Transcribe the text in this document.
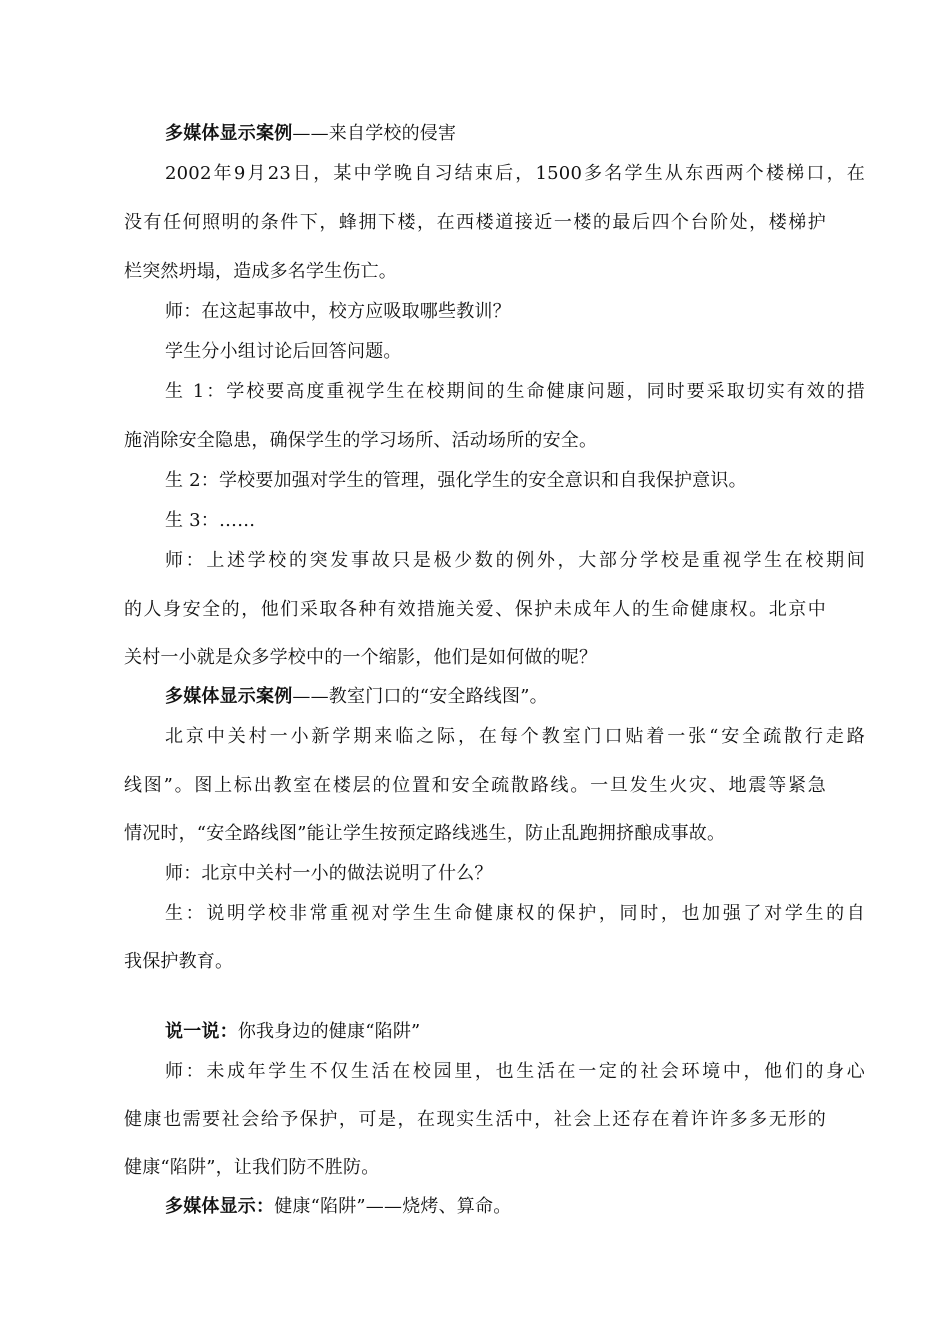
多媒体显示案例——来自学校的侵害
2002年9月23日，某中学晚自习结束后，1500多名学生从东西两个楼梯口，在
没有任何照明的条件下，蜂拥下楼，在西楼道接近一楼的最后四个台阶处，楼梯护
栏突然坍塌，造成多名学生伤亡。
师：在这起事故中，校方应吸取哪些教训？
学生分小组讨论后回答问题。
生 1：学校要高度重视学生在校期间的生命健康问题，同时要采取切实有效的措
施消除安全隐患，确保学生的学习场所、活动场所的安全。
生 2：学校要加强对学生的管理，强化学生的安全意识和自我保护意识。
生 3：……
师：上述学校的突发事故只是极少数的例外，大部分学校是重视学生在校期间
的人身安全的，他们采取各种有效措施关爱、保护未成年人的生命健康权。北京中
关村一小就是众多学校中的一个缩影，他们是如何做的呢？
多媒体显示案例——教室门口的“安全路线图”。
北京中关村一小新学期来临之际，在每个教室门口贴着一张“安全疏散行走路
线图”。图上标出教室在楼层的位置和安全疏散路线。一旦发生火灾、地震等紧急
情况时，“安全路线图”能让学生按预定路线逃生，防止乱跑拥挤酿成事故。
师：北京中关村一小的做法说明了什么？
生：说明学校非常重视对学生生命健康权的保护，同时，也加强了对学生的自
我保护教育。
说一说：你我身边的健康“陷阱”
师：未成年学生不仅生活在校园里，也生活在一定的社会环境中，他们的身心
健康也需要社会给予保护，可是，在现实生活中，社会上还存在着许许多多无形的
健康“陷阱”，让我们防不胜防。
多媒体显示：健康“陷阱”——烧烤、算命。
